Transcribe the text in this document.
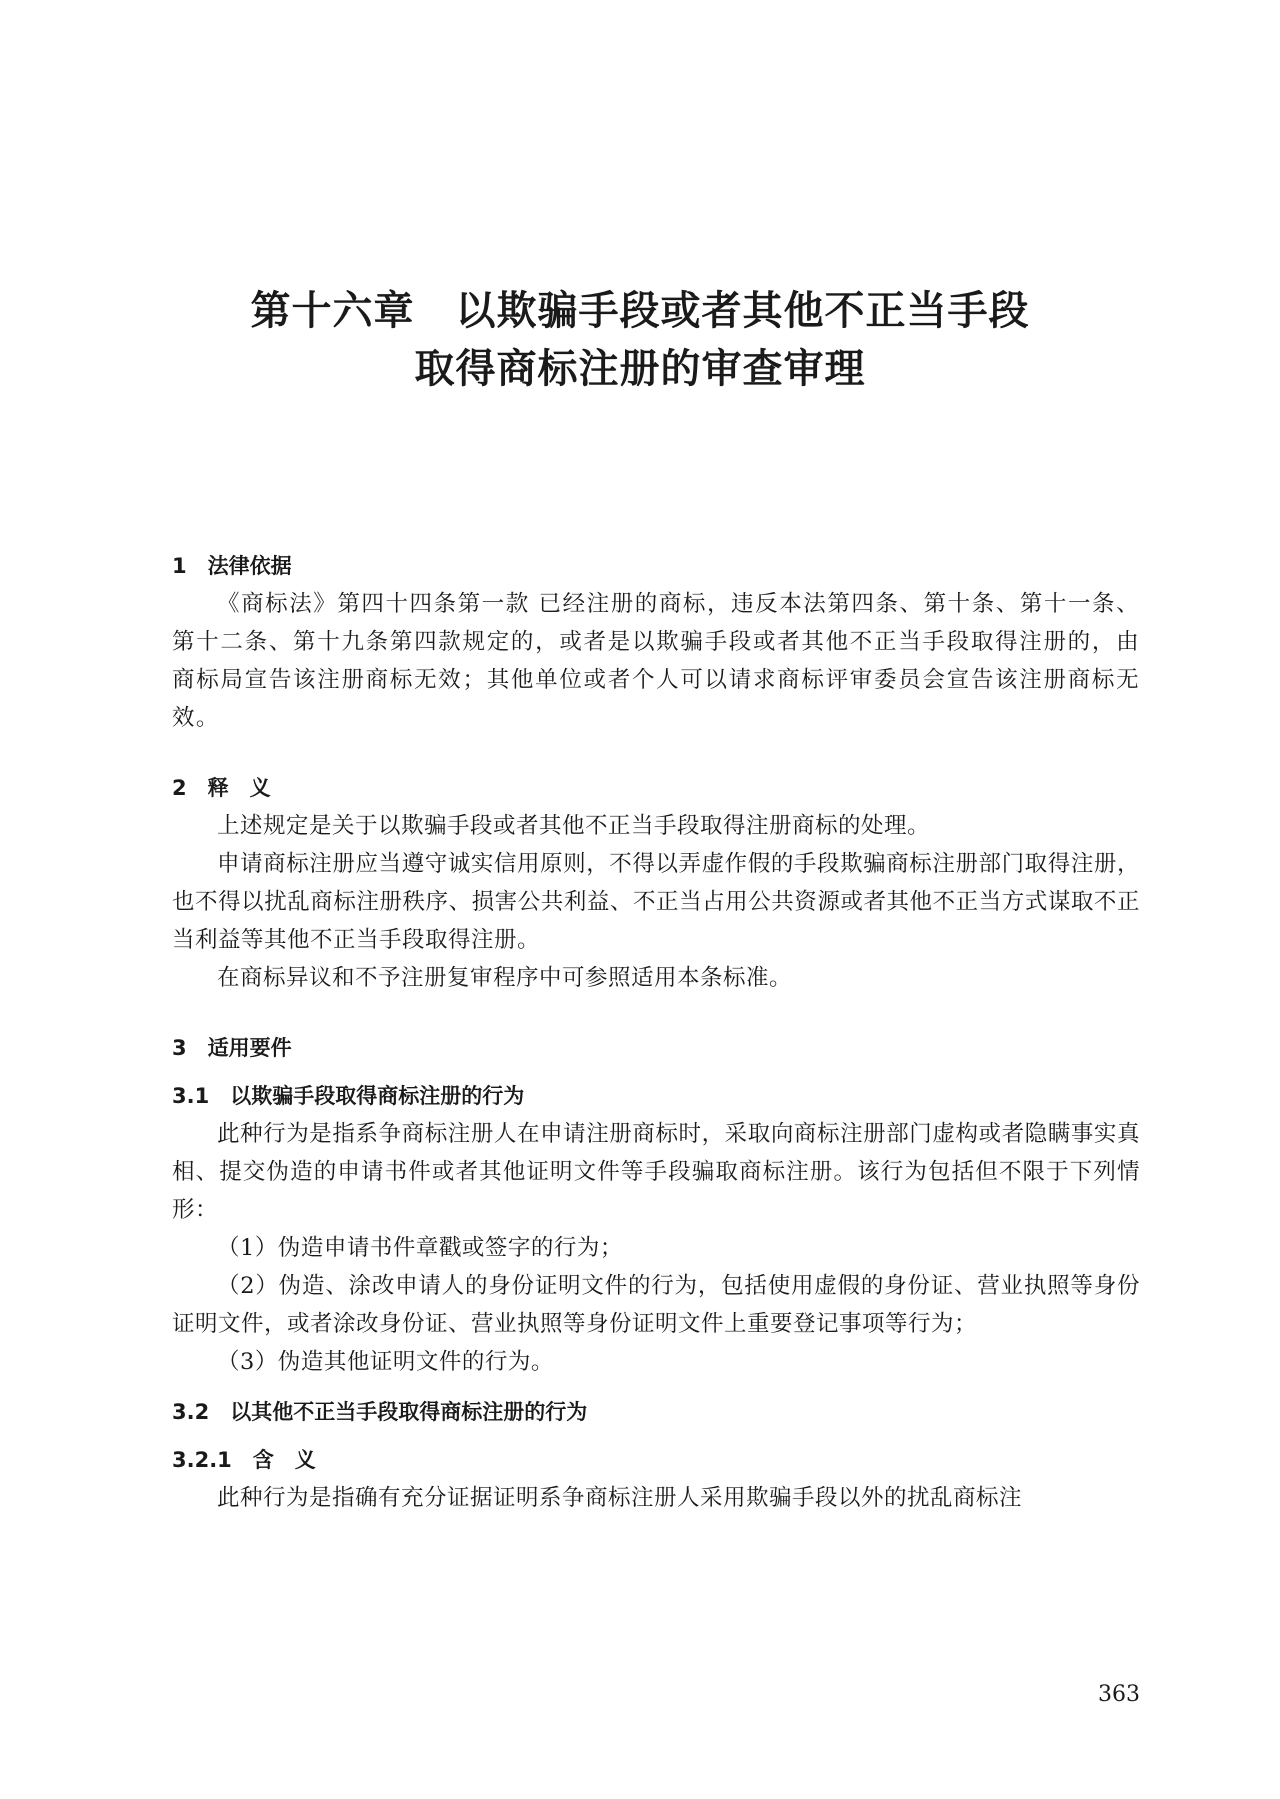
第十六章　以欺骗手段或者其他不正当手段
取得商标注册的审查审理
1　法律依据

《商标法》第四十四条第一款 已经注册的商标，违反本法第四条、第十条、第十一条、第十二条、第十九条第四款规定的，或者是以欺骗手段或者其他不正当手段取得注册的，由商标局宣告该注册商标无效；其他单位或者个人可以请求商标评审委员会宣告该注册商标无效。

2　释　义

上述规定是关于以欺骗手段或者其他不正当手段取得注册商标的处理。

申请商标注册应当遵守诚实信用原则，不得以弄虚作假的手段欺骗商标注册部门取得注册，也不得以扰乱商标注册秩序、损害公共利益、不正当占用公共资源或者其他不正当方式谋取不正当利益等其他不正当手段取得注册。

在商标异议和不予注册复审程序中可参照适用本条标准。

3　适用要件
3.1　以欺骗手段取得商标注册的行为

此种行为是指系争商标注册人在申请注册商标时，采取向商标注册部门虚构或者隐瞒事实真相、提交伪造的申请书件或者其他证明文件等手段骗取商标注册。该行为包括但不限于下列情形：

（1）伪造申请书件章戳或签字的行为；

（2）伪造、涂改申请人的身份证明文件的行为，包括使用虚假的身份证、营业执照等身份证明文件，或者涂改身份证、营业执照等身份证明文件上重要登记事项等行为；

（3）伪造其他证明文件的行为。

3.2　以其他不正当手段取得商标注册的行为
3.2.1　含　义

此种行为是指确有充分证据证明系争商标注册人采用欺骗手段以外的扰乱商标注

363
